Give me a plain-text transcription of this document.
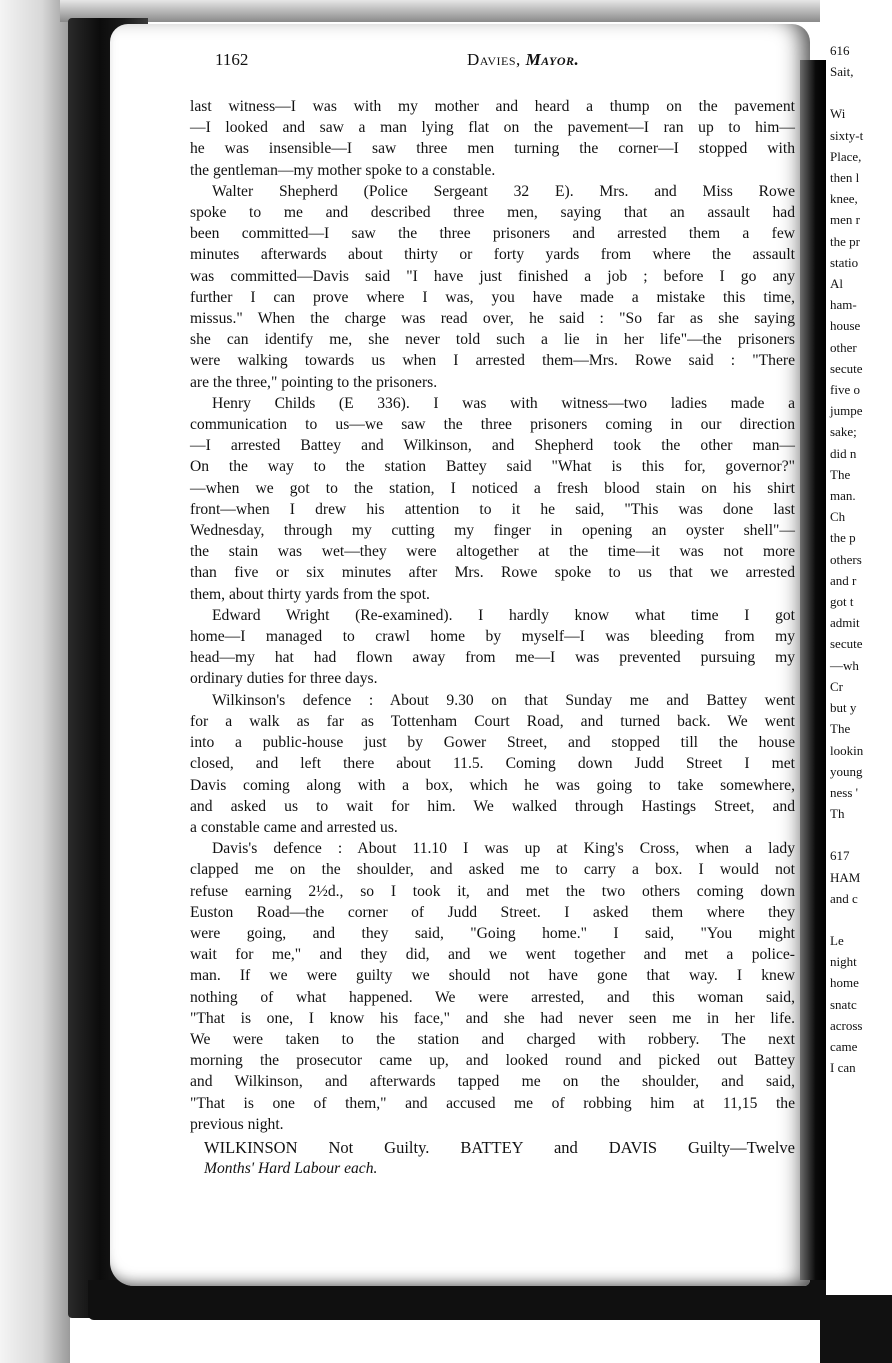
1162	Davies, Mayor.
last witness—I was with my mother and heard a thump on the pavement
—I looked and saw a man lying flat on the pavement—I ran up to him—
he was insensible—I saw three men turning the corner—I stopped with
the gentleman—my mother spoke to a constable.
Walter Shepherd (Police Sergeant 32 E). Mrs. and Miss Rowe
spoke to me and described three men, saying that an assault had
been committed—I saw the three prisoners and arrested them a few
minutes afterwards about thirty or forty yards from where the assault
was committed—Davis said "I have just finished a job ; before I go any
further I can prove where I was, you have made a mistake this time,
missus." When the charge was read over, he said : "So far as she saying
she can identify me, she never told such a lie in her life"—the prisoners
were walking towards us when I arrested them—Mrs. Rowe said : "There
are the three," pointing to the prisoners.
Henry Childs (E 336). I was with witness—two ladies made a
communication to us—we saw the three prisoners coming in our direction
—I arrested Battey and Wilkinson, and Shepherd took the other man—
On the way to the station Battey said "What is this for, governor?"
—when we got to the station, I noticed a fresh blood stain on his shirt
front—when I drew his attention to it he said, "This was done last
Wednesday, through my cutting my finger in opening an oyster shell"—
the stain was wet—they were altogether at the time—it was not more
than five or six minutes after Mrs. Rowe spoke to us that we arrested
them, about thirty yards from the spot.
Edward Wright (Re-examined). I hardly know what time I got
home—I managed to crawl home by myself—I was bleeding from my
head—my hat had flown away from me—I was prevented pursuing my
ordinary duties for three days.
Wilkinson's defence : About 9.30 on that Sunday me and Battey went
for a walk as far as Tottenham Court Road, and turned back. We went
into a public-house just by Gower Street, and stopped till the house
closed, and left there about 11.5. Coming down Judd Street I met
Davis coming along with a box, which he was going to take somewhere,
and asked us to wait for him. We walked through Hastings Street, and
a constable came and arrested us.
Davis's defence : About 11.10 I was up at King's Cross, when a lady
clapped me on the shoulder, and asked me to carry a box. I would not
refuse earning 2½d., so I took it, and met the two others coming down
Euston Road—the corner of Judd Street. I asked them where they
were going, and they said, "Going home." I said, "You might
wait for me," and they did, and we went together and met a police-
man. If we were guilty we should not have gone that way. I knew
nothing of what happened. We were arrested, and this woman said,
"That is one, I know his face," and she had never seen me in her life.
We were taken to the station and charged with robbery. The next
morning the prosecutor came up, and looked round and picked out Battey
and Wilkinson, and afterwards tapped me on the shoulder, and said,
"That is one of them," and accused me of robbing him at 11,15 the
previous night.
WILKINSON Not Guilty. BATTEY and DAVIS Guilty—Twelve
Months' Hard Labour each.
616
Sait,
Wi
sixty-t
Place,
then l
knee,
men r
the pr
statio
Al
ham-
house
other
secute
five o
jumpe
sake;
did n
The
man.
Ch
the p
others
and r
got t
admit
secute
—wh
Cr
but y
The
lookin
young
ness '
Th
617
HAM
and c
Le
night
home
snatc
across
came
I can
